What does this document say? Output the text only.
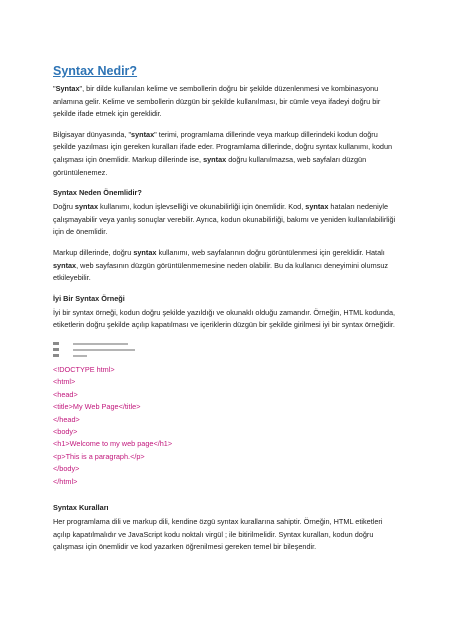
Syntax Nedir?

"Syntax", bir dilde kullanılan kelime ve sembollerin doğru bir şekilde düzenlenmesi ve kombinasyonu anlamına gelir. Kelime ve sembollerin düzgün bir şekilde kullanılması, bir cümle veya ifadeyi doğru bir şekilde ifade etmek için gereklidir.

Bilgisayar dünyasında, "syntax" terimi, programlama dillerinde veya markup dillerindeki kodun doğru şekilde yazılması için gereken kuralları ifade eder. Programlama dillerinde, doğru syntax kullanımı, kodun çalışması için önemlidir. Markup dillerinde ise, syntax doğru kullanılmazsa, web sayfaları düzgün görüntülenemez.

Syntax Neden Önemlidir?

Doğru syntax kullanımı, kodun işlevselliği ve okunabilirliği için önemlidir. Kod, syntax hataları nedeniyle çalışmayabilir veya yanlış sonuçlar verebilir. Ayrıca, kodun okunabilirliği, bakımı ve yeniden kullanılabilirliği için de önemlidir.

Markup dillerinde, doğru syntax kullanımı, web sayfalarının doğru görüntülenmesi için gereklidir. Hatalı syntax, web sayfasının düzgün görüntülenmemesine neden olabilir. Bu da kullanıcı deneyimini olumsuz etkileyebilir.

İyi Bir Syntax Örneği

İyi bir syntax örneği, kodun doğru şekilde yazıldığı ve okunaklı olduğu zamandır. Örneğin, HTML kodunda, etiketlerin doğru şekilde açılıp kapatılması ve içeriklerin düzgün bir şekilde girilmesi iyi bir syntax örneğidir.

<!DOCTYPE html>
<html>
<head>
<title>My Web Page</title>
</head>
<body>
<h1>Welcome to my web page</h1>
<p>This is a paragraph.</p>
</body>
</html>
Syntax Kuralları

Her programlama dili ve markup dili, kendine özgü syntax kurallarına sahiptir. Örneğin, HTML etiketleri açılıp kapatılmalıdır ve JavaScript kodu noktalı virgül ; ile bitirilmelidir. Syntax kuralları, kodun doğru çalışması için önemlidir ve kod yazarken öğrenilmesi gereken temel bir bileşendir.
